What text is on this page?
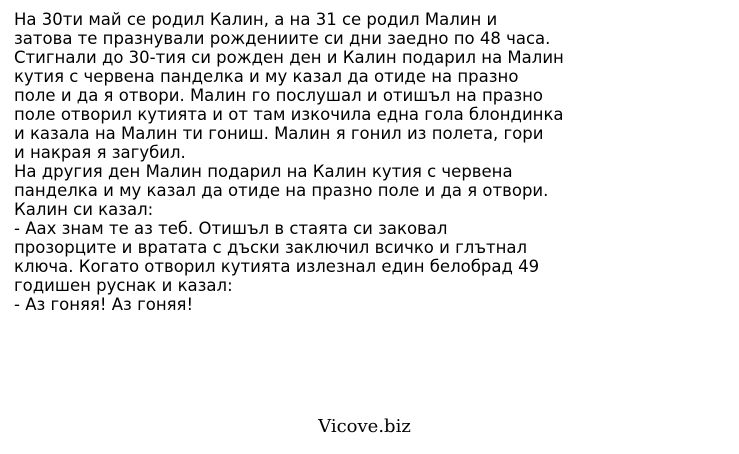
На 30ти май се родил Калин, а на 31 се родил Малин и
затова те празнували рождениите си дни заедно по 48 часа.
Стигнали до 30-тия си рожден ден и Калин подарил на Малин
кутия с червена панделка и му казал да отиде на празно
поле и да я отвори. Малин го послушал и отишъл на празно
поле отворил кутията и от там изкочила една гола блондинка
и казала на Малин ти гониш. Малин я гонил из полета, гори
и накрая я загубил.
На другия ден Малин подарил на Калин кутия с червена
панделка и му казал да отиде на празно поле и да я отвори.
Калин си казал:
- Аах знам те аз теб. Отишъл в стаята си заковал
прозорците и вратата с дъски заключил всичко и глътнал
ключа. Когато отворил кутията излезнал един белобрад 49
годишен руснак и казал:
- Аз гоняя! Аз гоняя!
Vicove.biz
